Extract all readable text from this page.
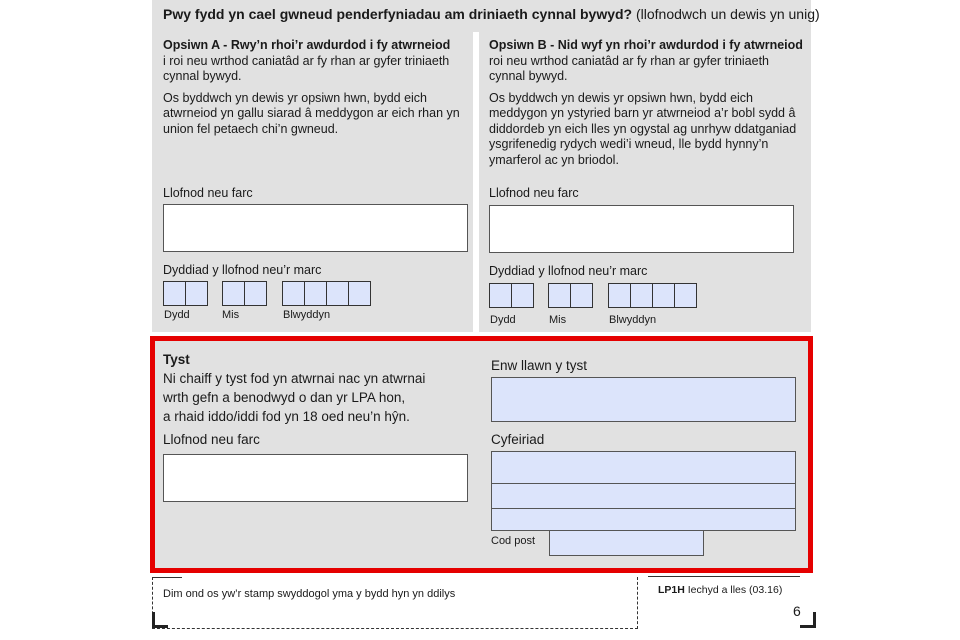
Pwy fydd yn cael gwneud penderfyniadau am driniaeth cynnal bywyd? (llofnodwch un dewis yn unig)
Opsiwn A - Rwy’n rhoi’r awdurdod i fy atwrneiod
i roi neu wrthod caniatâd ar fy rhan ar gyfer triniaeth
cynnal bywyd.
Os byddwch yn dewis yr opsiwn hwn, bydd eich
atwrneiod yn gallu siarad â meddygon ar eich rhan yn
union fel petaech chi’n gwneud.
Llofnod neu farc
Dyddiad y llofnod neu’r marc
Dydd	Mis	Blwyddyn
Opsiwn B - Nid wyf yn rhoi’r awdurdod i fy atwrneiod
roi neu wrthod caniatâd ar fy rhan ar gyfer triniaeth
cynnal bywyd.
Os byddwch yn dewis yr opsiwn hwn, bydd eich
meddygon yn ystyried barn yr atwrneiod a’r bobl sydd â
diddordeb yn eich lles yn ogystal ag unrhyw ddatganiad
ysgrifenedig rydych wedi’i wneud, lle bydd hynny’n
ymarferol ac yn briodol.
Llofnod neu farc
Dyddiad y llofnod neu’r marc
Dydd	Mis	Blwyddyn
Tyst
Ni chaiff y tyst fod yn atwrnai nac yn atwrnai
wrth gefn a benodwyd o dan yr LPA hon,
a rhaid iddo/iddi fod yn 18 oed neu’n hŷn.
Llofnod neu farc
Enw llawn y tyst
Cyfeiriad
Cod post
Dim ond os yw’r stamp swyddogol yma y bydd hyn yn ddilys	LP1H Iechyd a lles (03.16)
6
